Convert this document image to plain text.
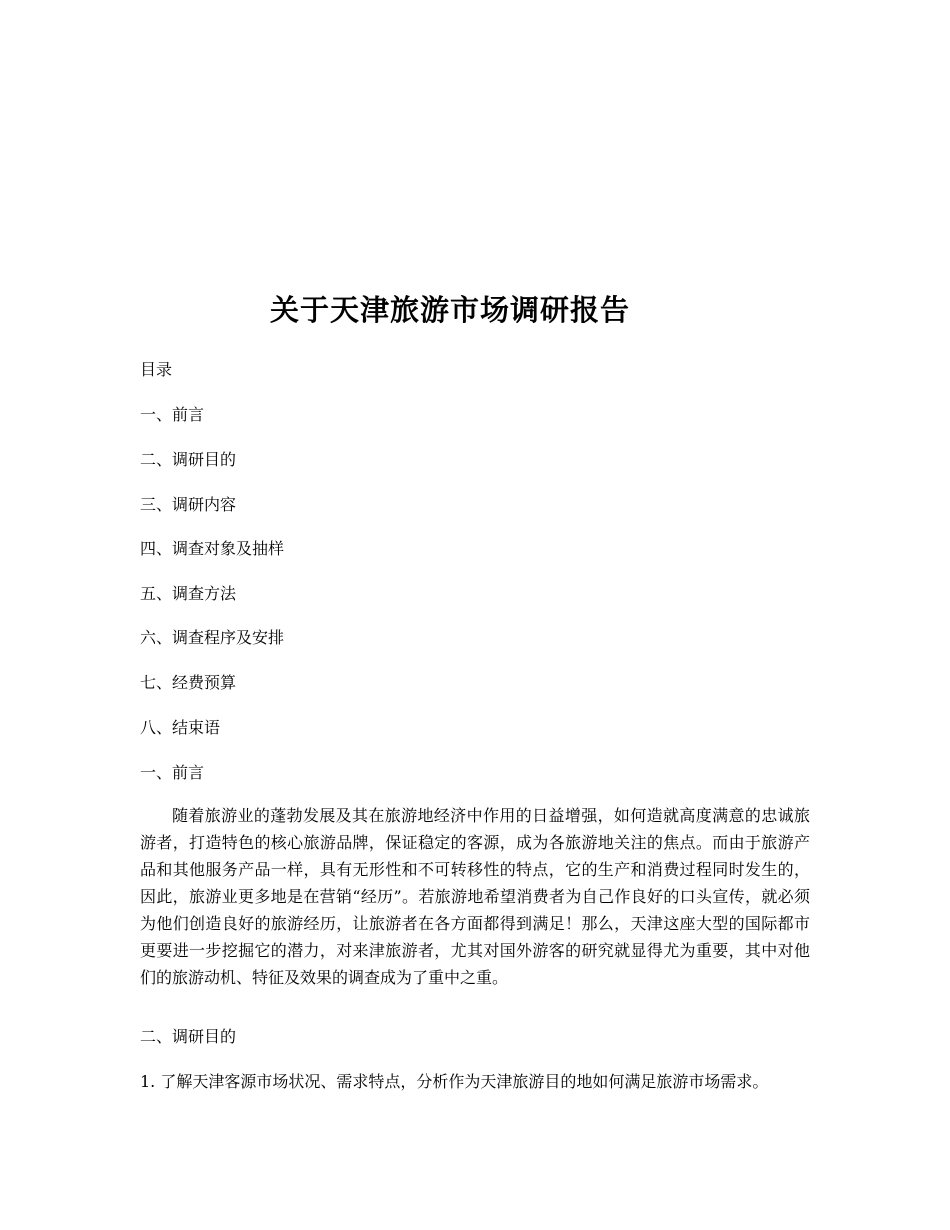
关于天津旅游市场调研报告
目录
一、前言
二、调研目的
三、调研内容
四、调查对象及抽样
五、调查方法
六、调查程序及安排
七、经费预算
八、结束语
一、前言
随着旅游业的蓬勃发展及其在旅游地经济中作用的日益增强，如何造就高度满意的忠诚旅游者，打造特色的核心旅游品牌，保证稳定的客源，成为各旅游地关注的焦点。而由于旅游产品和其他服务产品一样，具有无形性和不可转移性的特点，它的生产和消费过程同时发生的，因此，旅游业更多地是在营销“经历”。若旅游地希望消费者为自己作良好的口头宣传，就必须为他们创造良好的旅游经历，让旅游者在各方面都得到满足！那么，天津这座大型的国际都市更要进一步挖掘它的潜力，对来津旅游者，尤其对国外游客的研究就显得尤为重要，其中对他们的旅游动机、特征及效果的调查成为了重中之重。
二、调研目的
1. 了解天津客源市场状况、需求特点，分析作为天津旅游目的地如何满足旅游市场需求。
